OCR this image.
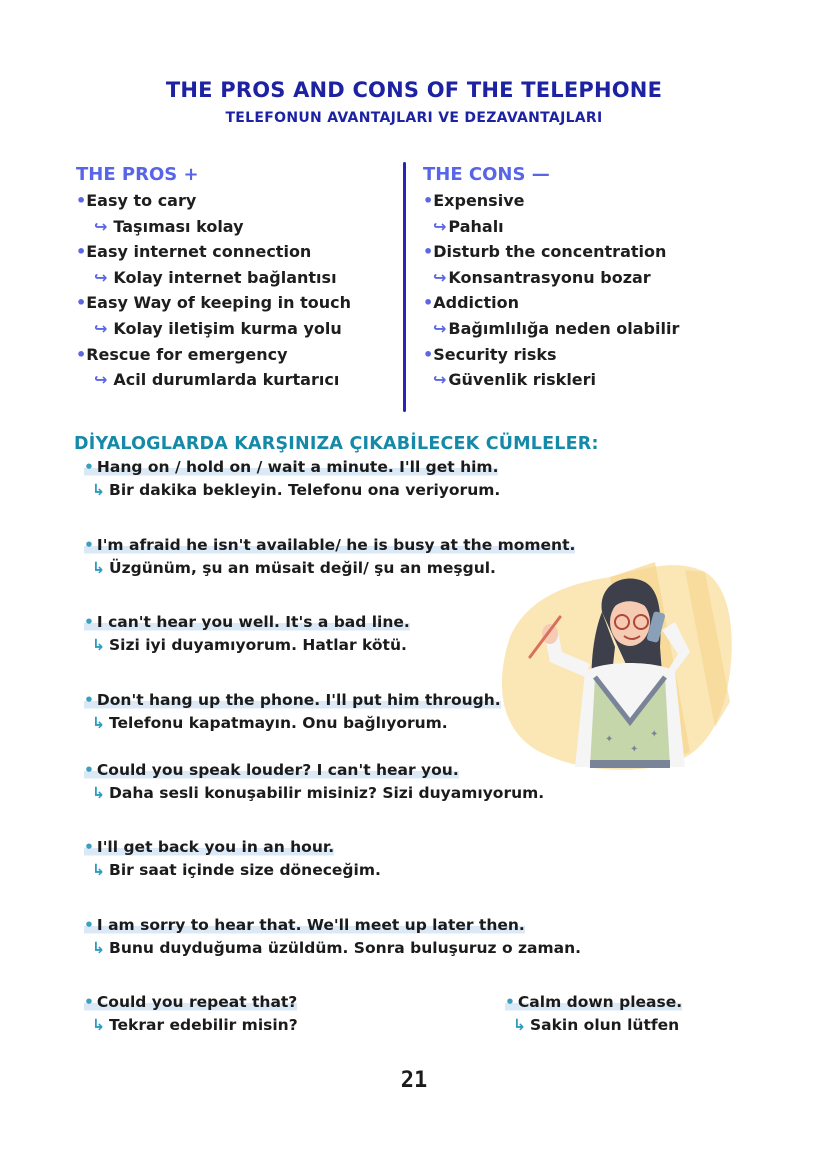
THE PROS AND CONS OF THE TELEPHONE
TELEFONUN AVANTAJLARI VE DEZAVANTAJLARI
THE PROS +
•Easy to cary
↪ Taşıması kolay
•Easy internet connection
↪ Kolay internet bağlantısı
•Easy Way of keeping in touch
↪ Kolay iletişim kurma yolu
•Rescue for emergency
↪ Acil durumlarda kurtarıcı
THE CONS —
•Expensive
↪ Pahalı
•Disturb the concentration
↪ Konsantrasyonu bozar
•Addiction
↪ Bağımlılığa neden olabilir
•Security risks
↪ Güvenlik riskleri
DİYALOGLARDA KARŞINIZA ÇIKABİLECEK CÜMLELER:
• Hang on / hold on / wait a minute. I'll get him.
↳ Bir dakika bekleyin. Telefonu ona veriyorum.
• I'm afraid he isn't available/ he is busy at the moment.
↳ Üzgünüm, şu an müsait değil/ şu an meşgul.
• I can't hear you well. It's a bad line.
↳ Sizi iyi duyamıyorum. Hatlar kötü.
• Don't hang up the phone. I'll put him through.
↳ Telefonu kapatmayın. Onu bağlıyorum.
• Could you speak louder? I can't hear you.
↳ Daha sesli konuşabilir misiniz? Sizi duyamıyorum.
• I'll get back you in an hour.
↳ Bir saat içinde size döneceğim.
• I am sorry to hear that. We'll meet up later then.
↳ Bunu duyduğuma üzüldüm. Sonra buluşuruz o zaman.
• Could you repeat that?
↳ Tekrar edebilir misin?
• Calm down please.
↳ Sakin olun lütfen
✦
✦
✦
✦
21
